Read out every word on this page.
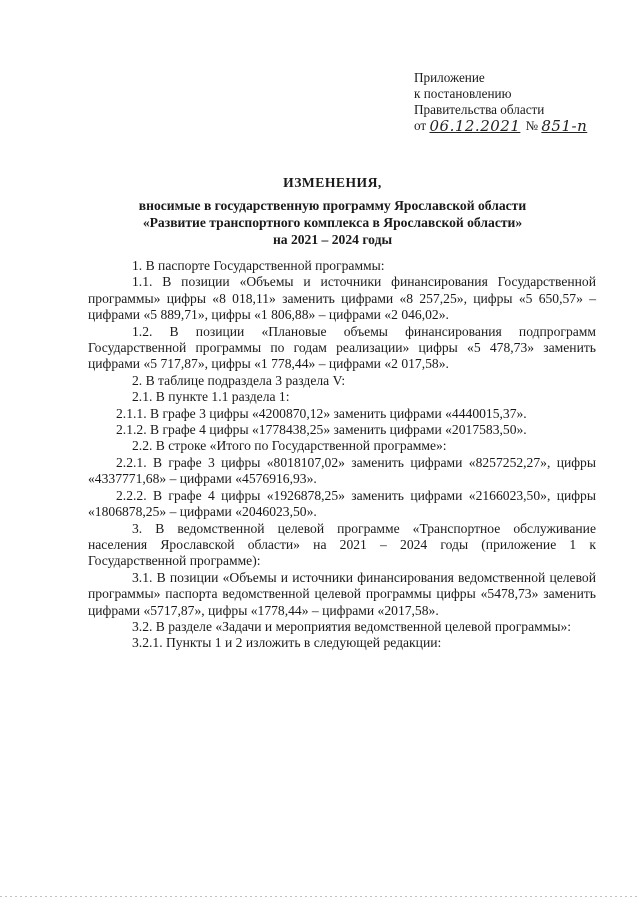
Приложение
к постановлению
Правительства области
от
06.12.2021 №
851-п
ИЗМЕНЕНИЯ,
вносимые в государственную программу Ярославской области
«Развитие транспортного комплекса в Ярославской области»
на 2021 – 2024 годы

1. В паспорте Государственной программы:

1.1. В позиции «Объемы и источники финансирования Государственной программы» цифры «8 018,11» заменить цифрами «8 257,25», цифры «5 650,57» – цифрами «5 889,71», цифры «1 806,88» – цифрами «2 046,02».

1.2. В позиции «Плановые объемы финансирования подпрограмм Государственной программы по годам реализации» цифры «5 478,73» заменить цифрами «5 717,87», цифры «1 778,44» – цифрами «2 017,58».

2. В таблице подраздела 3 раздела V:

2.1. В пункте 1.1 раздела 1:

2.1.1. В графе 3 цифры «4200870,12» заменить цифрами «4440015,37».

2.1.2. В графе 4 цифры «1778438,25» заменить цифрами «2017583,50».

2.2. В строке «Итого по Государственной программе»:

2.2.1. В графе 3 цифры «8018107,02» заменить цифрами «8257252,27», цифры «4337771,68» – цифрами «4576916,93».

2.2.2. В графе 4 цифры «1926878,25» заменить цифрами «2166023,50», цифры «1806878,25» – цифрами «2046023,50».

3. В ведомственной целевой программе «Транспортное обслуживание населения Ярославской области» на 2021 – 2024 годы (приложение 1 к Государственной программе):

3.1. В позиции «Объемы и источники финансирования ведомственной целевой программы» паспорта ведомственной целевой программы цифры «5478,73» заменить цифрами «5717,87», цифры «1778,44» – цифрами «2017,58».

3.2. В разделе «Задачи и мероприятия ведомственной целевой программы»:

3.2.1. Пункты 1 и 2 изложить в следующей редакции:
